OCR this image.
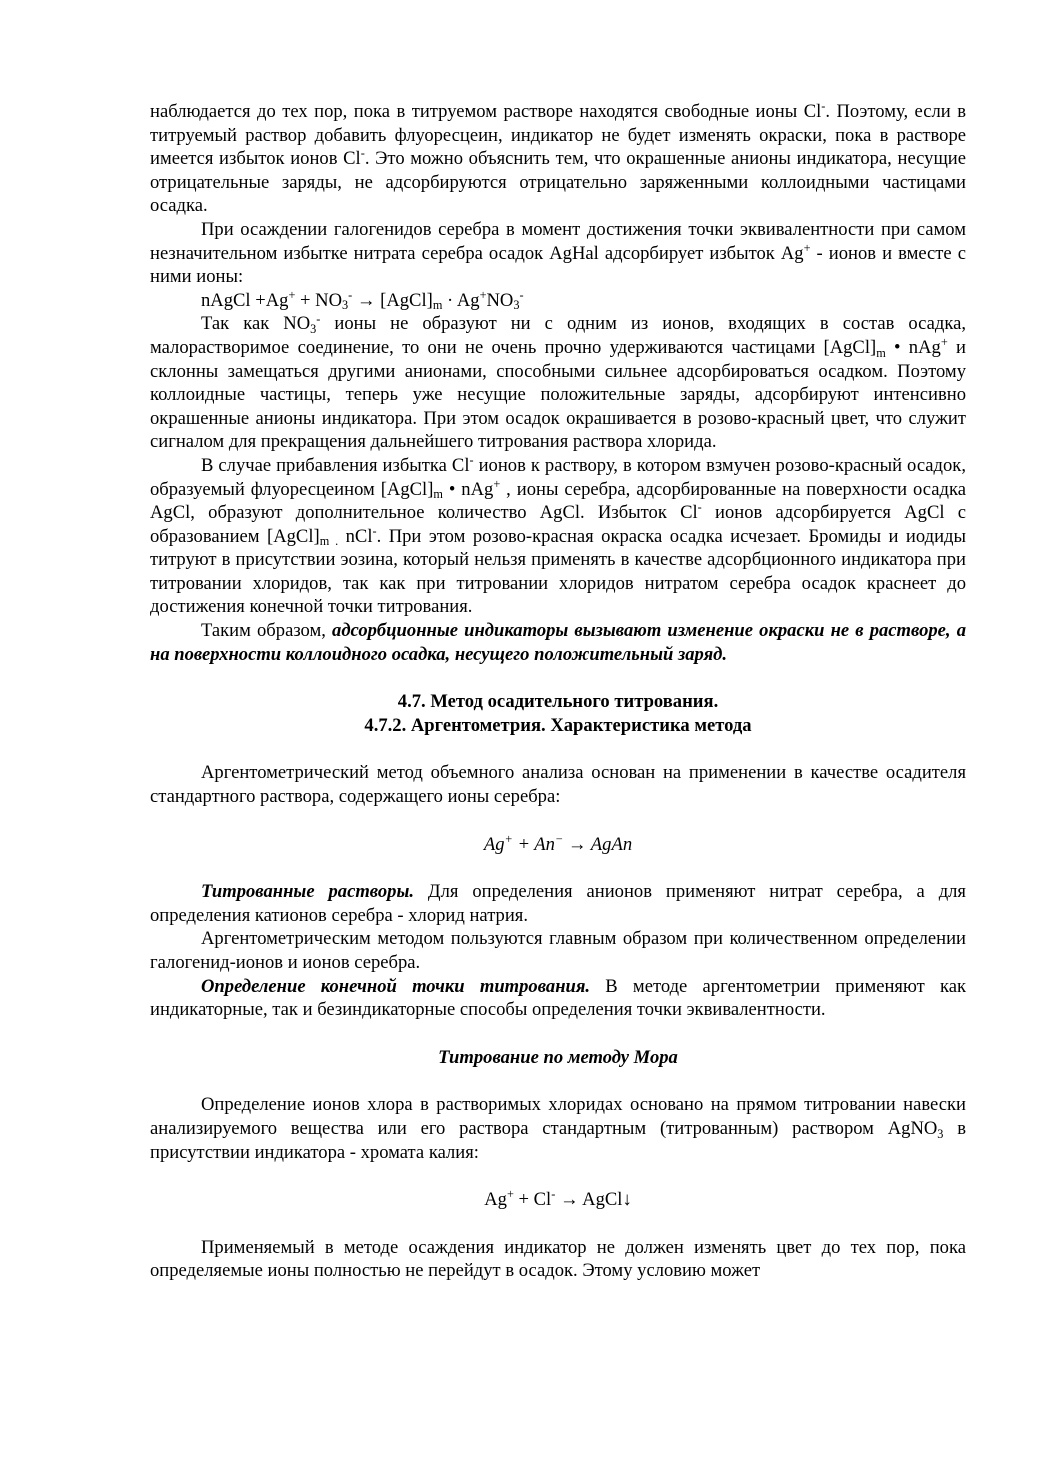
наблюдается до тех пор, пока в титруемом растворе находятся свободные ионы Cl-. Поэтому, если в титруемый раствор добавить флуоресцеин, индикатор не будет изменять окраски, пока в растворе имеется избыток ионов Cl-. Это можно объяснить тем, что окрашенные анионы индикатора, несущие отрицательные заряды, не адсорбируются отрицательно заряженными коллоидными частицами осадка.

При осаждении галогенидов серебра в момент достижения точки эквивалентности при самом незначительном избытке нитрата серебра осадок AgHal адсорбирует избыток Ag+ - ионов и вместе с ними ионы:

nAgCl $+Ag^+ + NO_3^-$ → $[AgCl]_m \cdot Ag^+NO_3^-$

Так как $NO_3^-$ ионы не образуют ни с одним из ионов, входящих в состав осадка, малорастворимое соединение, то они не очень прочно удерживаются частицами $[AgCl]_m$ • nAg+ и склонны замещаться другими анионами, способными сильнее адсорбироваться осадком. Поэтому коллоидные частицы, теперь уже несущие положительные заряды, адсорбируют интенсивно окрашенные анионы индикатора. При этом осадок окрашивается в розово-красный цвет, что служит сигналом для прекращения дальнейшего титрования раствора хлорида.

В случае прибавления избытка Cl- ионов к раствору, в котором взмучен розово-красный осадок, образуемый флуоресцеином $[AgCl]_m$ • nAg+ , ионы серебра, адсорбированные на поверхности осадка AgCl, образуют дополнительное количество AgCl. Избыток Cl- ионов адсорбируется AgCl с образованием $[AgCl]_{m .}$ nCl-. При этом розово-красная окраска осадка исчезает. Бромиды и иодиды титруют в присутствии эозина, который нельзя применять в качестве адсорбционного индикатора при титровании хлоридов, так как при титровании хлоридов нитратом серебра осадок краснеет до достижения конечной точки титрования.

Таким образом, адсорбционные индикаторы вызывают изменение окраски не в растворе, а на поверхности коллоидного осадка, несущего положительный заряд.

4.7. Метод осадительного титрования.

4.7.2. Аргентометрия. Характеристика метода

Аргентометрический метод объемного анализа основан на применении в качестве осадителя стандартного раствора, содержащего ионы серебра:

Ag+ + An− → AgAn

Титрованные растворы. Для определения анионов применяют нитрат серебра, а для определения катионов серебра - хлорид натрия.

Аргентометрическим методом пользуются главным образом при количественном определении галогенид-ионов и ионов серебра.

Определение конечной точки титрования. В методе аргентометрии применяют как индикаторные, так и безиндикаторные способы определения точки эквивалентности.

Титрование по методу Мора

Определение ионов хлора в растворимых хлоридах основано на прямом титровании навески анализируемого вещества или его раствора стандартным (титрованным) раствором AgNO$_3$ в присутствии индикатора - хромата калия:

Ag+ + Cl- → AgCl↓

Применяемый в методе осаждения индикатор не должен изменять цвет до тех пор, пока определяемые ионы полностью не перейдут в осадок. Этому условию может
